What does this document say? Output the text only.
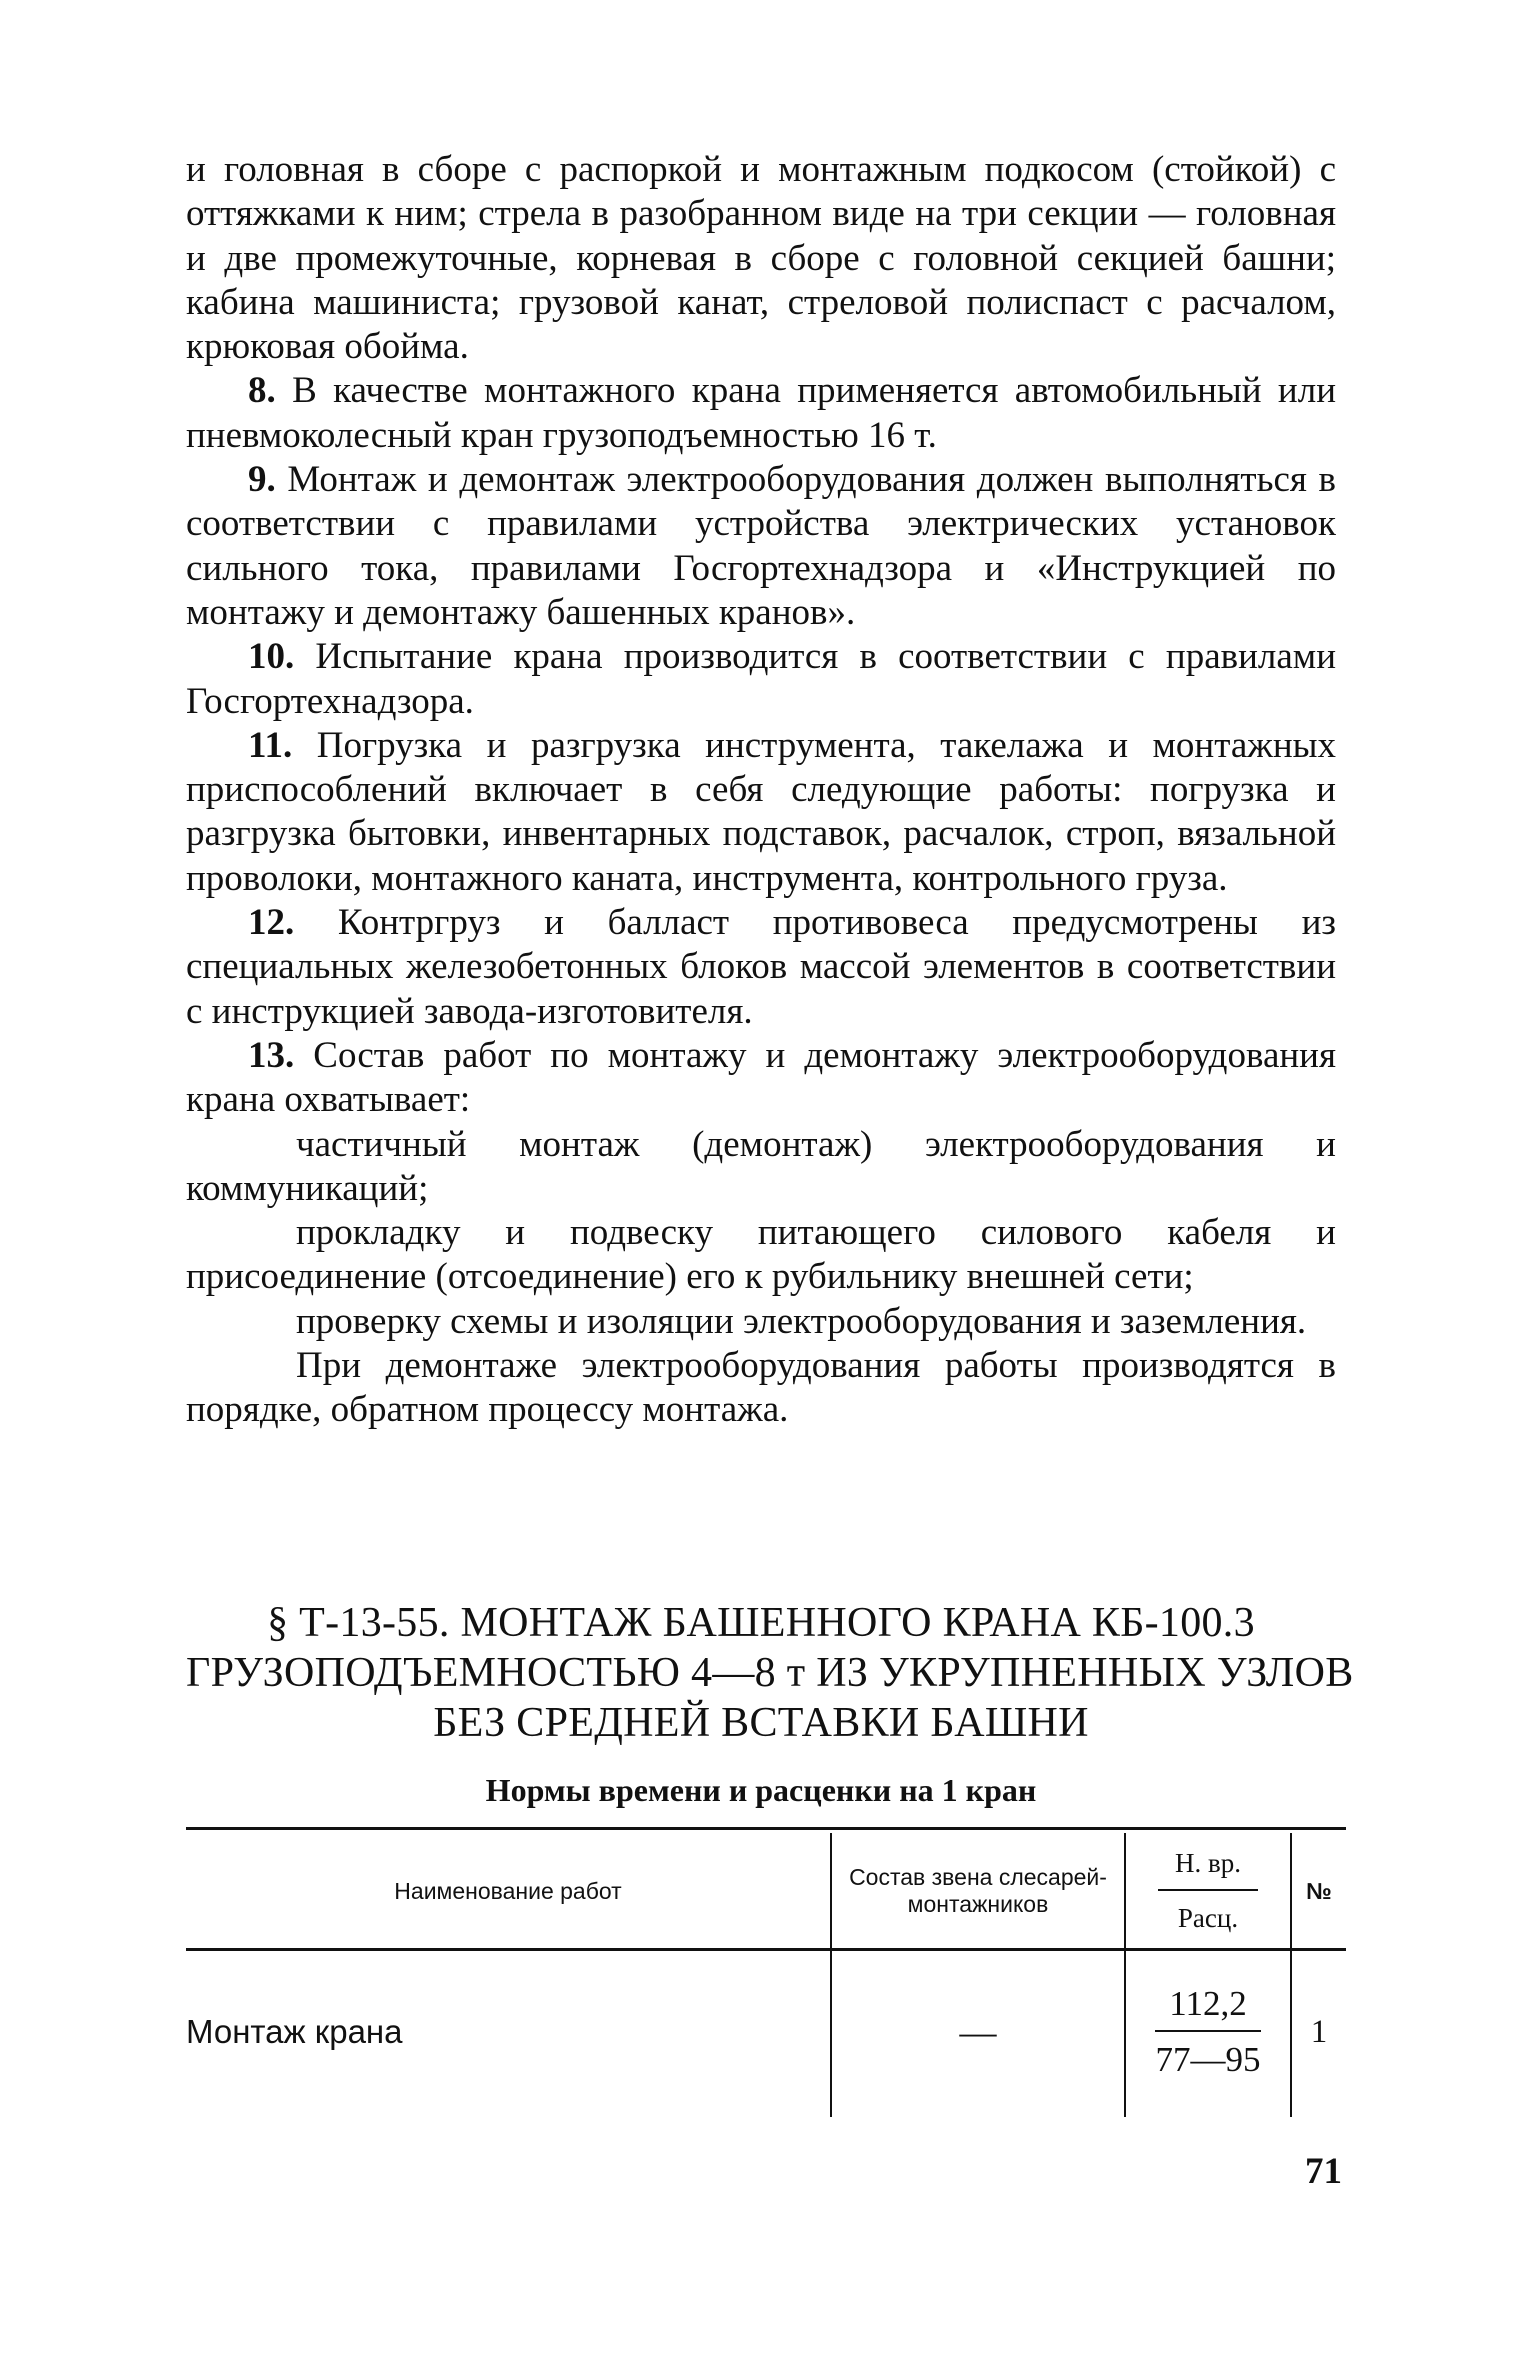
и головная в сборе с распоркой и монтажным подкосом (стойкой) с оттяжками к ним; стрела в разобранном виде на три секции — головная и две промежуточные, корневая в сборе с головной секцией башни; кабина машиниста; грузовой канат, стреловой полиспаст с расчалом, крюковая обойма.

8. В качестве монтажного крана применяется автомобильный или пневмоколесный кран грузоподъемностью 16 т.

9. Монтаж и демонтаж электрооборудования должен выполняться в соответствии с правилами устройства электрических установок сильного тока, правилами Госгортехнадзора и «Инструкцией по монтажу и демонтажу башенных кранов».

10. Испытание крана производится в соответствии с правилами Госгортехнадзора.

11. Погрузка и разгрузка инструмента, такелажа и монтажных приспособлений включает в себя следующие работы: погрузка и разгрузка бытовки, инвентарных подставок, расчалок, строп, вязальной проволоки, монтажного каната, инструмента, контрольного груза.

12. Контргруз и балласт противовеса предусмотрены из специальных железобетонных блоков массой элементов в соответствии с инструкцией завода-изготовителя.

13. Состав работ по монтажу и демонтажу электрооборудования крана охватывает:

частичный монтаж (демонтаж) электрооборудования и коммуникаций;

прокладку и подвеску питающего силового кабеля и присоединение (отсоединение) его к рубильнику внешней сети;

проверку схемы и изоляции электрооборудования и заземления.

При демонтаже электрооборудования работы производятся в порядке, обратном процессу монтажа.

§ Т-13-55. МОНТАЖ БАШЕННОГО КРАНА КБ-100.3
ГРУЗОПОДЪЕМНОСТЬЮ 4—8 т ИЗ УКРУПНЕННЫХ УЗЛОВ
БЕЗ СРЕДНЕЙ ВСТАВКИ БАШНИ
Нормы времени и расценки на 1 кран
Наименование работ
Состав звена слесарей-монтажников
Н. вр.
Расц.
№
Монтаж крана	—
112,2
77—95
1
71
